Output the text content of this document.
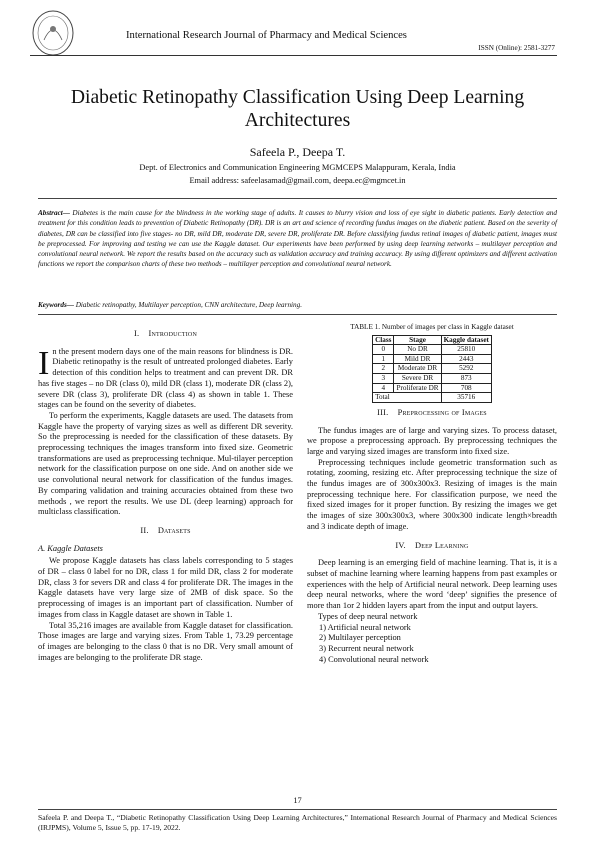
International Research Journal of Pharmacy and Medical Sciences
ISSN (Online): 2581-3277
Diabetic Retinopathy Classification Using Deep Learning Architectures
Safeela P., Deepa T.
Dept. of Electronics and Communication Engineering MGMCEPS Malappuram, Kerala, India
Email address: safeelasamad@gmail.com, deepa.ec@mgmcet.in
Abstract— Diabetes is the main cause for the blindness in the working stage of adults. It causes to blurry vision and loss of eye sight in diabetic patients. Early detection and treatment for this condition leads to prevention of Diabetic Retinopathy (DR). DR is an art and science of recording fundus images on the diabetic patient. Based on the severity of diabetes, DR can be classified into five stages- no DR, mild DR, moderate DR, severe DR, proliferate DR. Before classifying fundus retinal images of diabetic patient, images must be preprocessed. For improving and testing we can use the Kaggle dataset. Our experiments have been performed by using deep learning networks – multilayer perception and convolutional neural network. We report the results based on the accuracy such as validation accuracy and training accuracy. By using different optimizers and different activation functions we report the comparison charts of these two methods – multilayer perception and convolutional neural network.
Keywords— Diabetic retinopathy, Multilayer perception, CNN architecture, Deep learning.
I. Introduction

In the present modern days one of the main reasons for blindness is DR. Diabetic retinopathy is the result of untreated prolonged diabetes. Early detection of this condition helps to treatment and can prevent DR. DR has five stages – no DR (class 0), mild DR (class 1), moderate DR (class 2), severe DR (class 3), proliferate DR (class 4) as shown in table 1. These stages can be found on the severity of diabetes.

To perform the experiments, Kaggle datasets are used. The datasets from Kaggle have the property of varying sizes as well as different DR severity. So the preprocessing is needed for the classification of these datasets. By preprocessing techniques the images transform into fixed size. Geometric transformations are used as preprocessing technique. Mul-tilayer perception network for the classification purpose on one side. And on another side we use convolutional neural network for classification of the fundus images. By comparing validation and training accuracies obtained from these two methods , we report the results. We use DL (deep learning) approach for multiclass classification.

II. Datasets
A. Kaggle Datasets

We propose Kaggle datasets has class labels corresponding to 5 stages of DR – class 0 label for no DR, class 1 for mild DR, class 2 for moderate DR, class 3 for severs DR and class 4 for proliferate DR. The images in the Kaggle datasets have very large size of 2MB of disk space. So the preprocessing of images is an important part of classification. Number of images from class in Kaggle dataset are shown in Table 1.

Total 35,216 images are available from Kaggle dataset for classification. Those images are large and varying sizes. From Table 1, 73.29 percentage of images are belonging to the class 0 that is no DR. Very small amount of images are belonging to the proliferate DR stage.

TABLE 1. Number of images per class in Kaggle dataset
Class	Stage	Kaggle dataset
0	No DR	25810
1	Mild DR	2443
2	Moderate DR	5292
3	Severe DR	873
4	Proliferate DR	708
Total		35716
III. Preprocessing of Images

The fundus images are of large and varying sizes. To process dataset, we propose a preprocessing approach. By preprocessing techniques the large and varying sized images are transform into fixed size.

Preprocessing techniques include geometric transformation such as rotating, zooming, resizing etc. After preprocessing technique the size of the fundus images are of 300x300x3. Resizing of images is the main preprocessing technique here. For classification purpose, we need the fixed sized images for it proper function. By resizing the images we get the images of size 300x300x3, where 300x300 indicate length×breadth and 3 indicate depth of image.

IV. Deep Learning

Deep learning is an emerging field of machine learning. That is, it is a subset of machine learning where learning happens from past examples or experiences with the help of Artificial neural network. Deep learning uses deep neural networks, where the word ‘deep’ signifies the presence of more than 1or 2 hidden layers apart from the input and output layers.

Types of deep neural network

1) Artificial neural network
2) Multilayer perception
3) Recurrent neural network
4) Convolutional neural network
17
Safeela P. and Deepa T., “Diabetic Retinopathy Classification Using Deep Learning Architectures,” International Research Journal of Pharmacy and Medical Sciences (IRJPMS), Volume 5, Issue 5, pp. 17-19, 2022.
